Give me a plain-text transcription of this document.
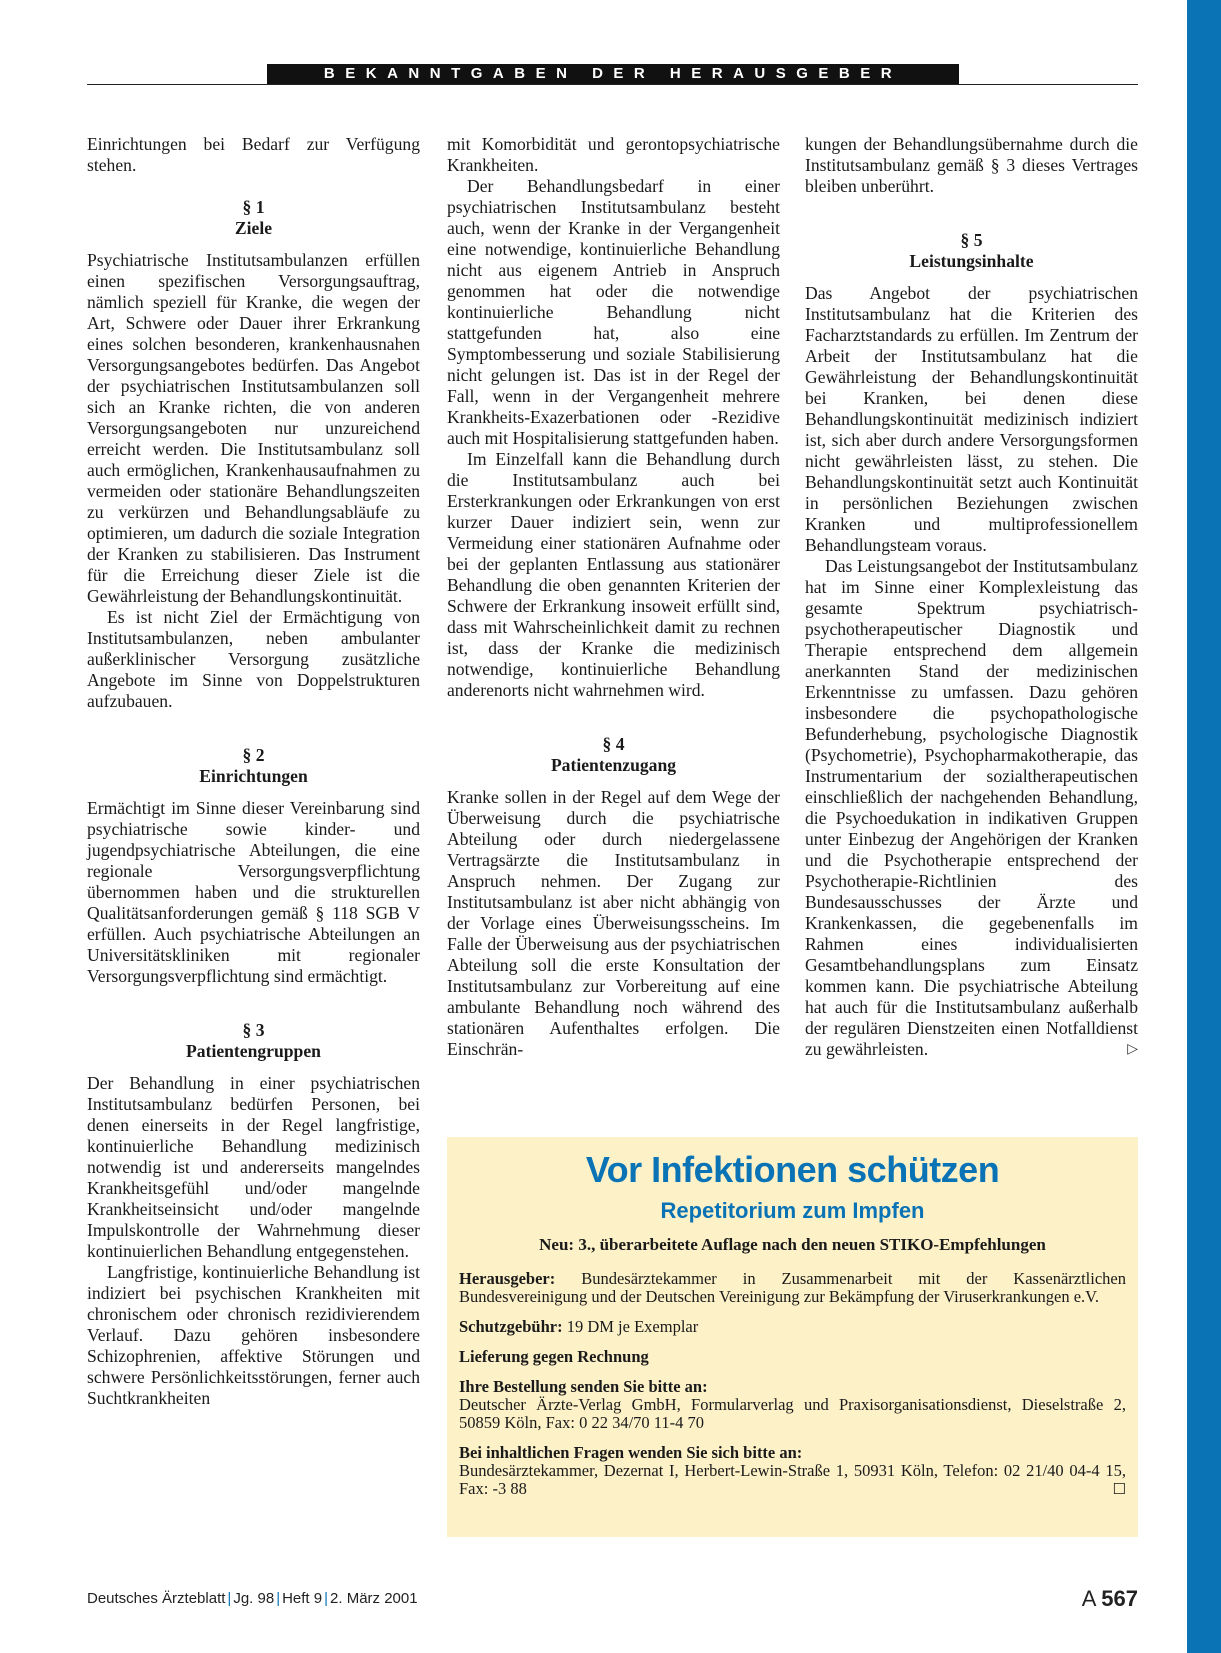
BEKANNTGABEN DER HERAUSGEBER

Einrichtungen bei Bedarf zur Verfügung stehen.

§ 1
Ziele

Psychiatrische Institutsambulanzen erfüllen einen spezifischen Versorgungsauftrag, nämlich speziell für Kranke, die wegen der Art, Schwere oder Dauer ihrer Erkrankung eines solchen besonderen, krankenhausnahen Versorgungsangebotes bedürfen. Das Angebot der psychiatrischen Institutsambulanzen soll sich an Kranke richten, die von anderen Versorgungsangeboten nur unzureichend erreicht werden. Die Institutsambulanz soll auch ermöglichen, Krankenhausaufnahmen zu vermeiden oder stationäre Behandlungszeiten zu verkürzen und Behandlungsabläufe zu optimieren, um dadurch die soziale Integration der Kranken zu stabilisieren. Das Instrument für die Erreichung dieser Ziele ist die Gewährleistung der Behandlungskontinuität.

Es ist nicht Ziel der Ermächtigung von Institutsambulanzen, neben ambulanter außerklinischer Versorgung zusätzliche Angebote im Sinne von Doppelstrukturen aufzubauen.

§ 2
Einrichtungen

Ermächtigt im Sinne dieser Vereinbarung sind psychiatrische sowie kinder- und jugendpsychiatrische Abteilungen, die eine regionale Versorgungsverpflichtung übernommen haben und die strukturellen Qualitätsanforderungen gemäß § 118 SGB V erfüllen. Auch psychiatrische Abteilungen an Universitätskliniken mit regionaler Versorgungsverpflichtung sind ermächtigt.

§ 3
Patientengruppen

Der Behandlung in einer psychiatrischen Institutsambulanz bedürfen Personen, bei denen einerseits in der Regel langfristige, kontinuierliche Behandlung medizinisch notwendig ist und andererseits mangelndes Krankheitsgefühl und/oder mangelnde Krankheitseinsicht und/oder mangelnde Impulskontrolle der Wahrnehmung dieser kontinuierlichen Behandlung entgegenstehen.

Langfristige, kontinuierliche Behandlung ist indiziert bei psychischen Krankheiten mit chronischem oder chronisch rezidivierendem Verlauf. Dazu gehören insbesondere Schizophrenien, affektive Störungen und schwere Persönlichkeitsstörungen, ferner auch Suchtkrankheiten

mit Komorbidität und gerontopsychiatrische Krankheiten.

Der Behandlungsbedarf in einer psychiatrischen Institutsambulanz besteht auch, wenn der Kranke in der Vergangenheit eine notwendige, kontinuierliche Behandlung nicht aus eigenem Antrieb in Anspruch genommen hat oder die notwendige kontinuierliche Behandlung nicht stattgefunden hat, also eine Symptombesserung und soziale Stabilisierung nicht gelungen ist. Das ist in der Regel der Fall, wenn in der Vergangenheit mehrere Krankheits-Exazerbationen oder -Rezidive auch mit Hospitalisierung stattgefunden haben.

Im Einzelfall kann die Behandlung durch die Institutsambulanz auch bei Ersterkrankungen oder Erkrankungen von erst kurzer Dauer indiziert sein, wenn zur Vermeidung einer stationären Aufnahme oder bei der geplanten Entlassung aus stationärer Behandlung die oben genannten Kriterien der Schwere der Erkrankung insoweit erfüllt sind, dass mit Wahrscheinlichkeit damit zu rechnen ist, dass der Kranke die medizinisch notwendige, kontinuierliche Behandlung anderenorts nicht wahrnehmen wird.

§ 4
Patientenzugang

Kranke sollen in der Regel auf dem Wege der Überweisung durch die psychiatrische Abteilung oder durch niedergelassene Vertragsärzte die Institutsambulanz in Anspruch nehmen. Der Zugang zur Institutsambulanz ist aber nicht abhängig von der Vorlage eines Überweisungsscheins. Im Falle der Überweisung aus der psychiatrischen Abteilung soll die erste Konsultation der Institutsambulanz zur Vorbereitung auf eine ambulante Behandlung noch während des stationären Aufenthaltes erfolgen. Die Einschrän-

kungen der Behandlungsübernahme durch die Institutsambulanz gemäß § 3 dieses Vertrages bleiben unberührt.

§ 5
Leistungsinhalte

Das Angebot der psychiatrischen Institutsambulanz hat die Kriterien des Facharztstandards zu erfüllen. Im Zentrum der Arbeit der Institutsambulanz hat die Gewährleistung der Behandlungskontinuität bei Kranken, bei denen diese Behandlungskontinuität medizinisch indiziert ist, sich aber durch andere Versorgungsformen nicht gewährleisten lässt, zu stehen. Die Behandlungskontinuität setzt auch Kontinuität in persönlichen Beziehungen zwischen Kranken und multiprofessionellem Behandlungsteam voraus.

Das Leistungsangebot der Institutsambulanz hat im Sinne einer Komplexleistung das gesamte Spektrum psychiatrisch-psychotherapeutischer Diagnostik und Therapie entsprechend dem allgemein anerkannten Stand der medizinischen Erkenntnisse zu umfassen. Dazu gehören insbesondere die psychopathologische Befunderhebung, psychologische Diagnostik (Psychometrie), Psychopharmakotherapie, das Instrumentarium der sozialtherapeutischen einschließlich der nachgehenden Behandlung, die Psychoedukation in indikativen Gruppen unter Einbezug der Angehörigen der Kranken und die Psychotherapie entsprechend der Psychotherapie-Richtlinien des Bundesausschusses der Ärzte und Krankenkassen, die gegebenenfalls im Rahmen eines individualisierten Gesamtbehandlungsplans zum Einsatz kommen kann. Die psychiatrische Abteilung hat auch für die Institutsambulanz außerhalb der regulären Dienstzeiten einen Notfalldienst zu gewährleisten.	▷

Vor Infektionen schützen
Repetitorium zum Impfen
Neu: 3., überarbeitete Auflage nach den neuen STIKO-Empfehlungen

Herausgeber: Bundesärztekammer in Zusammenarbeit mit der Kassenärztlichen Bundesvereinigung und der Deutschen Vereinigung zur Bekämpfung der Viruserkrankungen e.V.

Schutzgebühr: 19 DM je Exemplar

Lieferung gegen Rechnung

Ihre Bestellung senden Sie bitte an:
Deutscher Ärzte-Verlag GmbH, Formularverlag und Praxisorganisationsdienst, Dieselstraße 2, 50859 Köln, Fax: 0 22 34/70 11-4 70

Bei inhaltlichen Fragen wenden Sie sich bitte an:
Bundesärztekammer, Dezernat I, Herbert-Lewin-Straße 1, 50931 Köln, Telefon: 02 21/40 04-4 15, Fax: -3 88	☐

Deutsches Ärzteblatt | Jg. 98 | Heft 9 | 2. März 2001	A 567
